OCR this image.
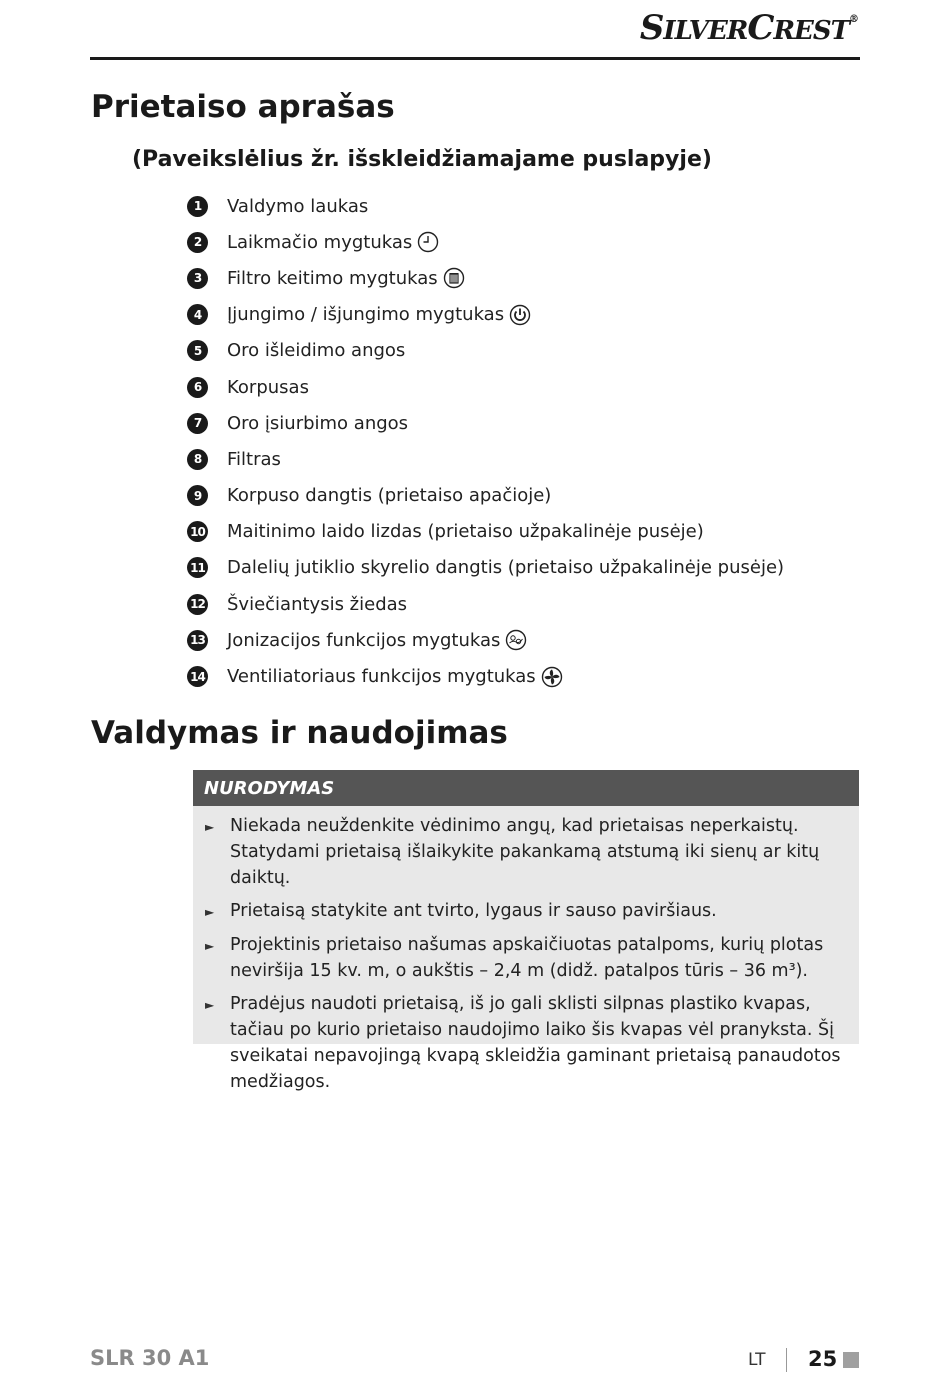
SILVERCREST®
Prietaiso aprašas

(Paveikslėlius žr. išskleidžiamajame puslapyje)

1	Valdymo laukas
2	Laikmačio mygtukas
3	Filtro keitimo mygtukas
4	Įjungimo / išjungimo mygtukas
5	Oro išleidimo angos
6	Korpusas
7	Oro įsiurbimo angos
8	Filtras
9	Korpuso dangtis (prietaiso apačioje)
10 Maitinimo laido lizdas (prietaiso užpakalinėje pusėje)
11 Dalelių jutiklio skyrelio dangtis (prietaiso užpakalinėje pusėje)
12 Šviečiantysis žiedas
13 Jonizacijos funkcijos mygtukas
14 Ventiliatoriaus funkcijos mygtukas
Valdymas ir naudojimas
NURODYMAS
► Niekada neuždenkite vėdinimo angų, kad prietaisas neperkaistų. Statydami prietaisą išlaikykite pakankamą atstumą iki sienų ar kitų daiktų.
► Prietaisą statykite ant tvirto, lygaus ir sauso paviršiaus.
► Projektinis prietaiso našumas apskaičiuotas patalpoms, kurių plotas neviršija 15 kv. m, o aukštis – 2,4 m (didž. patalpos tūris – 36 m³).
► Pradėjus naudoti prietaisą, iš jo gali sklisti silpnas plastiko kvapas, tačiau po kurio prietaiso naudojimo laiko šis kvapas vėl pranyksta. Šį sveikatai nepavojingą kvapą skleidžia gaminant prietaisą panaudotos medžiagos.
SLR 30 A1	LT 25
